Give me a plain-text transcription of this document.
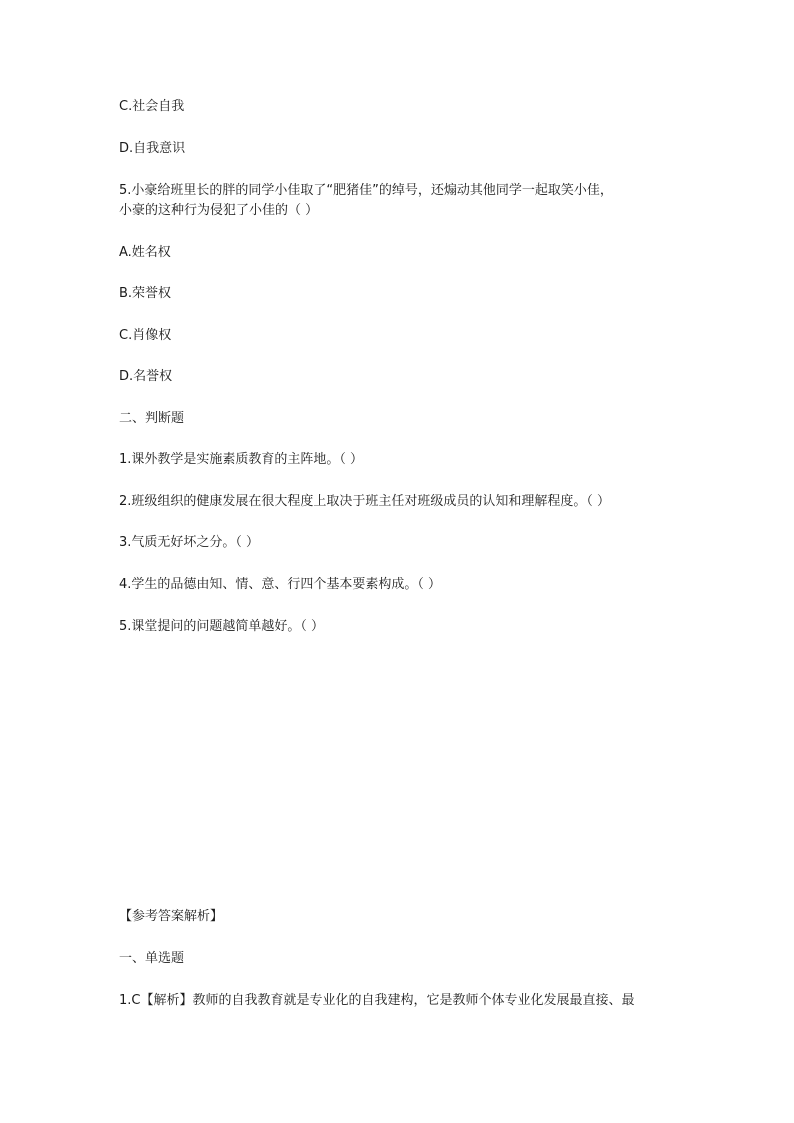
C.社会自我

D.自我意识

5.小豪给班里长的胖的同学小佳取了“肥猪佳”的绰号，还煽动其他同学一起取笑小佳，

小豪的这种行为侵犯了小佳的（ ）

A.姓名权

B.荣誉权

C.肖像权

D.名誉权

二、判断题

1.课外教学是实施素质教育的主阵地。（ ）

2.班级组织的健康发展在很大程度上取决于班主任对班级成员的认知和理解程度。（ ）

3.气质无好坏之分。（ ）

4.学生的品德由知、情、意、行四个基本要素构成。（ ）

5.课堂提问的问题越简单越好。（ ）

【参考答案解析】

一、单选题

1.C【解析】教师的自我教育就是专业化的自我建构，它是教师个体专业化发展最直接、最
